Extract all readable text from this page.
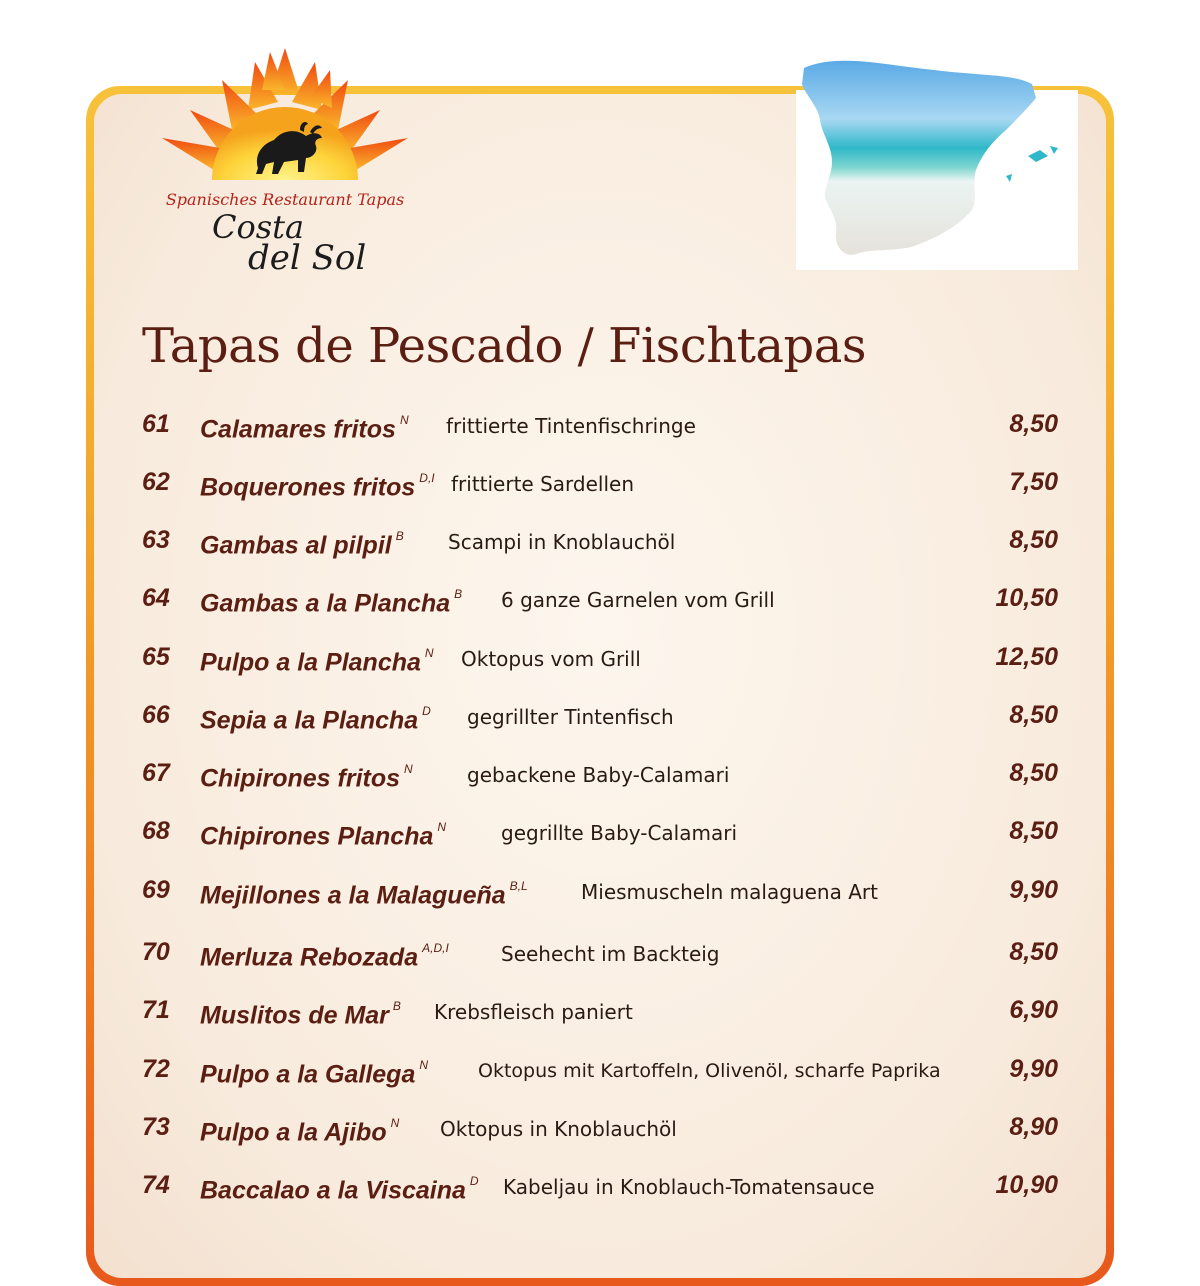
Spanisches Restaurant Tapas
Costa
del Sol
Tapas de Pescado / Fischtapas
61 Calamares fritos $^N$ frittierte Tintenfischringe	8,50
62 Boquerones fritos $^{D,I}$ frittierte Sardellen	7,50
63 Gambas al pilpil $^B$ Scampi in Knoblauchöl	8,50
64 Gambas a la Plancha $^B$ 6 ganze Garnelen vom Grill	10,50
65 Pulpo a la Plancha $^N$ Oktopus vom Grill	12,50
66 Sepia a la Plancha $^D$ gegrillter Tintenfisch	8,50
67 Chipirones fritos $^N$	gebackene Baby-Calamari	8,50
68 Chipirones Plancha $^N$	gegrillte Baby-Calamari	8,50
69 Mejillones a la Malagueña $^{B,L}$	Miesmuscheln malaguena Art	9,90
70 Merluza Rebozada $^{A,D,I}$	Seehecht im Backteig	8,50
71 Muslitos de Mar $^B$ Krebsfleisch paniert	6,90
72 Pulpo a la Gallega $^N$	Oktopus mit Kartoffeln, Olivenöl, scharfe Paprika	9,90
73 Pulpo a la Ajibo $^N$ Oktopus in Knoblauchöl	8,90
74 Baccalao a la Viscaina $^D$ Kabeljau in Knoblauch-Tomatensauce	10,90
